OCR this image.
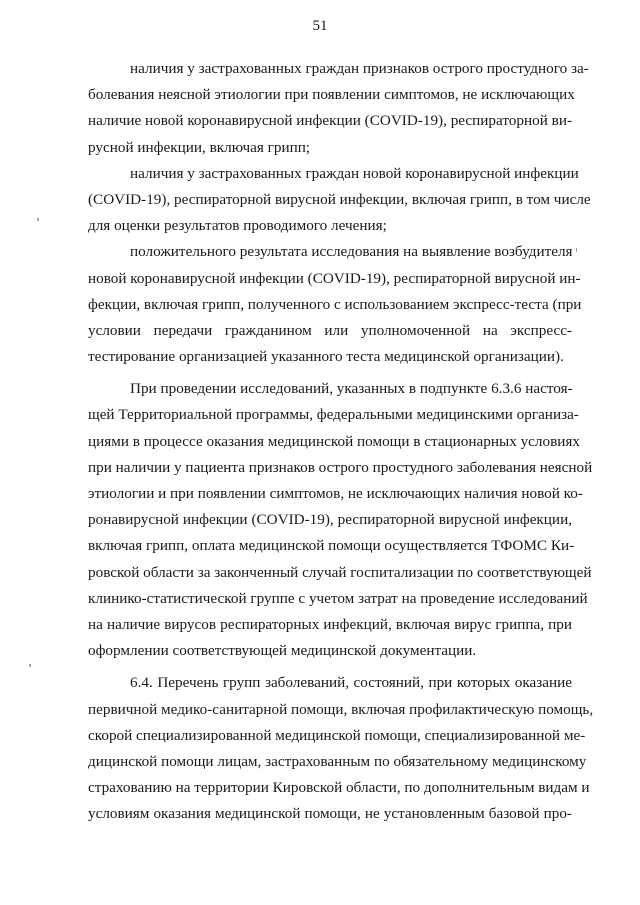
51
наличия у застрахованных граждан признаков острого простудного за-
болевания неясной этиологии при появлении симптомов, не исключающих
наличие новой коронавирусной инфекции (COVID-19), респираторной ви-
русной инфекции, включая грипп;
наличия у застрахованных граждан новой коронавирусной инфекции
(COVID-19), респираторной вирусной инфекции, включая грипп, в том числе
для оценки результатов проводимого лечения;
положительного результата исследования на выявление возбудителя
новой коронавирусной инфекции (COVID-19), респираторной вирусной ин-
фекции, включая грипп, полученного с использованием экспресс-теста (при
условии передачи гражданином или уполномоченной на экспресс-
тестирование организацией указанного теста медицинской организации).
При проведении исследований, указанных в подпункте 6.3.6 настоя-
щей Территориальной программы, федеральными медицинскими организа-
циями в процессе оказания медицинской помощи в стационарных условиях
при наличии у пациента признаков острого простудного заболевания неясной
этиологии и при появлении симптомов, не исключающих наличия новой ко-
ронавирусной инфекции (COVID-19), респираторной вирусной инфекции,
включая грипп, оплата медицинской помощи осуществляется ТФОМС Ки-
ровской области за законченный случай госпитализации по соответствующей
клинико-статистической группе с учетом затрат на проведение исследований
на наличие вирусов респираторных инфекций, включая вирус гриппа, при
оформлении соответствующей медицинской документации.
6.4. Перечень групп заболеваний, состояний, при которых оказание
первичной медико-санитарной помощи, включая профилактическую помощь,
скорой специализированной медицинской помощи, специализированной ме-
дицинской помощи лицам, застрахованным по обязательному медицинскому
страхованию на территории Кировской области, по дополнительным видам и
условиям оказания медицинской помощи, не установленным базовой про-
